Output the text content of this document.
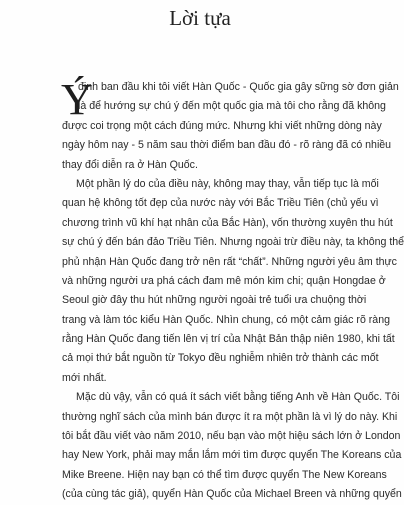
Lời tựa
Ý
định ban đầu khi tôi viết Hàn Quốc - Quốc gia gây sững sờ đơn giản
là để hướng sự chú ý đến một quốc gia mà tôi cho rằng đã không
được coi trọng một cách đúng mức. Nhưng khi viết những dòng này
ngày hôm nay - 5 năm sau thời điểm ban đầu đó - rõ ràng đã có nhiều
thay đổi diễn ra ở Hàn Quốc.
Một phần lý do của điều này, không may thay, vẫn tiếp tục là mối
quan hệ không tốt đẹp của nước này với Bắc Triều Tiên (chủ yếu vì
chương trình vũ khí hạt nhân của Bắc Hàn), vốn thường xuyên thu hút
sự chú ý đến bán đảo Triều Tiên. Nhưng ngoài trừ điều này, ta không thể
phủ nhận Hàn Quốc đang trở nên rất “chất”. Những người yêu âm thực
và những người ưa phá cách đam mê món kim chi; quận Hongdae ở
Seoul giờ đây thu hút những người ngoài trẻ tuổi ưa chuộng thời
trang và làm tóc kiểu Hàn Quốc. Nhìn chung, có một cảm giác rõ ràng
rằng Hàn Quốc đang tiến lên vị trí của Nhật Bản thập niên 1980, khi tất
cả mọi thứ bắt nguồn từ Tokyo đều nghiễm nhiên trở thành các mốt
mới nhất.
Mặc dù vậy, vẫn có quá ít sách viết bằng tiếng Anh về Hàn Quốc. Tôi
thường nghĩ sách của mình bán được ít ra một phần là vì lý do này. Khi
tôi bắt đầu viết vào năm 2010, nếu bạn vào một hiệu sách lớn ở London
hay New York, phải may mắn lắm mới tìm được quyển The Koreans của
Mike Breene. Hiện nay bạn có thể tìm được quyển The New Koreans
(của cùng tác giả), quyển Hàn Quốc của Michael Breen và những quyển
